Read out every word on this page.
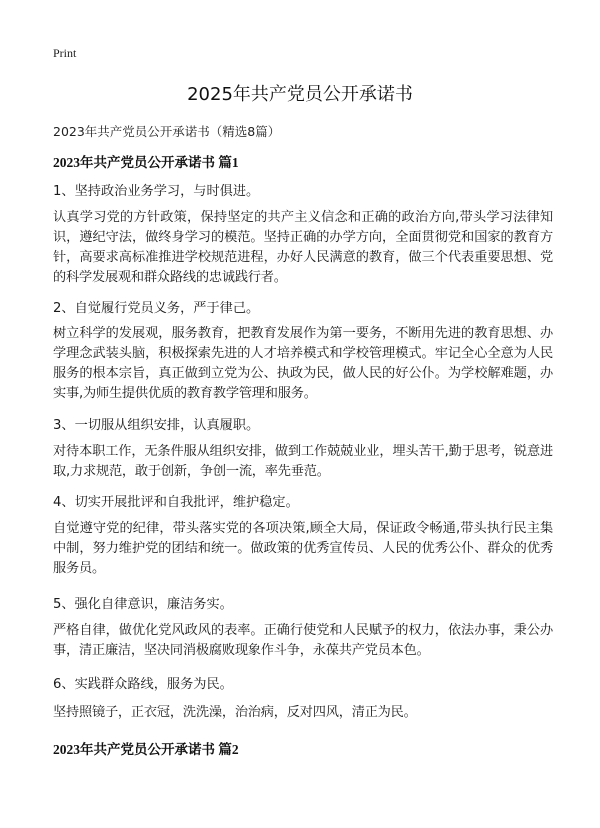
Print
2025年共产党员公开承诺书
2023年共产党员公开承诺书（精选8篇）
2023年共产党员公开承诺书 篇1
1、坚持政治业务学习，与时俱进。
认真学习党的方针政策，保持坚定的共产主义信念和正确的政治方向,带头学习法律知识，遵纪守法，做终身学习的模范。坚持正确的办学方向，全面贯彻党和国家的教育方针，高要求高标准推进学校规范进程，办好人民满意的教育，做三个代表重要思想、党的科学发展观和群众路线的忠诚践行者。
2、自觉履行党员义务，严于律己。
树立科学的发展观，服务教育，把教育发展作为第一要务，不断用先进的教育思想、办学理念武装头脑，积极探索先进的人才培养模式和学校管理模式。牢记全心全意为人民服务的根本宗旨，真正做到立党为公、执政为民，做人民的好公仆。为学校解难题，办实事,为师生提供优质的教育教学管理和服务。
3、一切服从组织安排，认真履职。
对待本职工作，无条件服从组织安排，做到工作兢兢业业，埋头苦干,勤于思考，锐意进取,力求规范，敢于创新，争创一流，率先垂范。
4、切实开展批评和自我批评，维护稳定。
自觉遵守党的纪律，带头落实党的各项决策,顾全大局，保证政令畅通,带头执行民主集中制，努力维护党的团结和统一。做政策的优秀宣传员、人民的优秀公仆、群众的优秀服务员。
5、强化自律意识，廉洁务实。
严格自律，做优化党风政风的表率。正确行使党和人民赋予的权力，依法办事，秉公办事，清正廉洁，坚决同消极腐败现象作斗争，永葆共产党员本色。
6、实践群众路线，服务为民。
坚持照镜子，正衣冠，洗洗澡，治治病，反对四风，清正为民。
2023年共产党员公开承诺书 篇2
